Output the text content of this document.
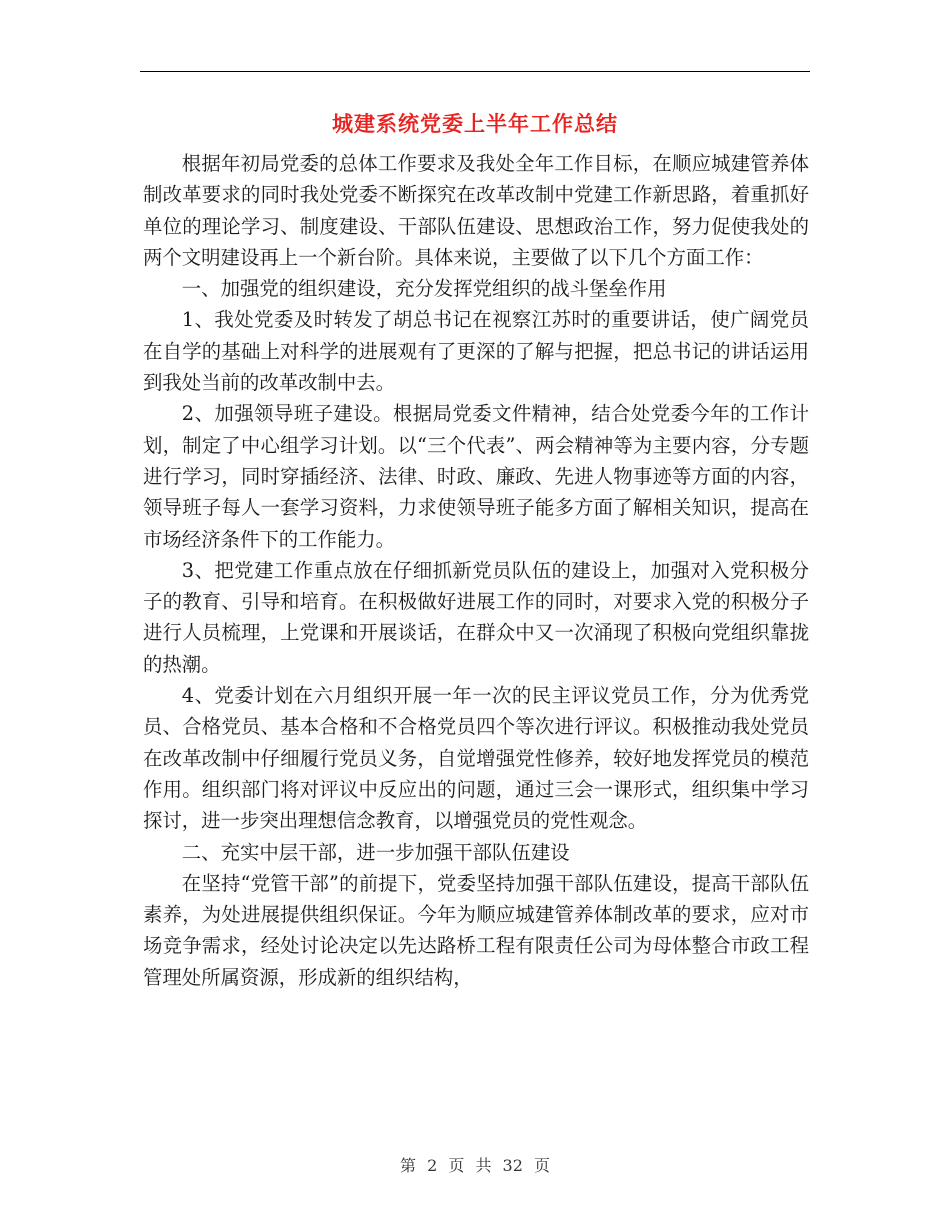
城建系统党委上半年工作总结

根据年初局党委的总体工作要求及我处全年工作目标，在顺应城建管养体制改革要求的同时我处党委不断探究在改革改制中党建工作新思路，着重抓好单位的理论学习、制度建设、干部队伍建设、思想政治工作，努力促使我处的两个文明建设再上一个新台阶。具体来说，主要做了以下几个方面工作：

一、加强党的组织建设，充分发挥党组织的战斗堡垒作用

1、我处党委及时转发了胡总书记在视察江苏时的重要讲话，使广阔党员在自学的基础上对科学的进展观有了更深的了解与把握，把总书记的讲话运用到我处当前的改革改制中去。

2、加强领导班子建设。根据局党委文件精神，结合处党委今年的工作计划，制定了中心组学习计划。以“三个代表”、两会精神等为主要内容，分专题进行学习，同时穿插经济、法律、时政、廉政、先进人物事迹等方面的内容，领导班子每人一套学习资料，力求使领导班子能多方面了解相关知识，提高在市场经济条件下的工作能力。

3、把党建工作重点放在仔细抓新党员队伍的建设上，加强对入党积极分子的教育、引导和培育。在积极做好进展工作的同时，对要求入党的积极分子进行人员梳理，上党课和开展谈话，在群众中又一次涌现了积极向党组织靠拢的热潮。

4、党委计划在六月组织开展一年一次的民主评议党员工作，分为优秀党员、合格党员、基本合格和不合格党员四个等次进行评议。积极推动我处党员在改革改制中仔细履行党员义务，自觉增强党性修养，较好地发挥党员的模范作用。组织部门将对评议中反应出的问题，通过三会一课形式，组织集中学习探讨，进一步突出理想信念教育，以增强党员的党性观念。

二、充实中层干部，进一步加强干部队伍建设

在坚持“党管干部”的前提下，党委坚持加强干部队伍建设，提高干部队伍素养，为处进展提供组织保证。今年为顺应城建管养体制改革的要求，应对市场竞争需求，经处讨论决定以先达路桥工程有限责任公司为母体整合市政工程管理处所属资源，形成新的组织结构，

第 2 页 共 32 页
